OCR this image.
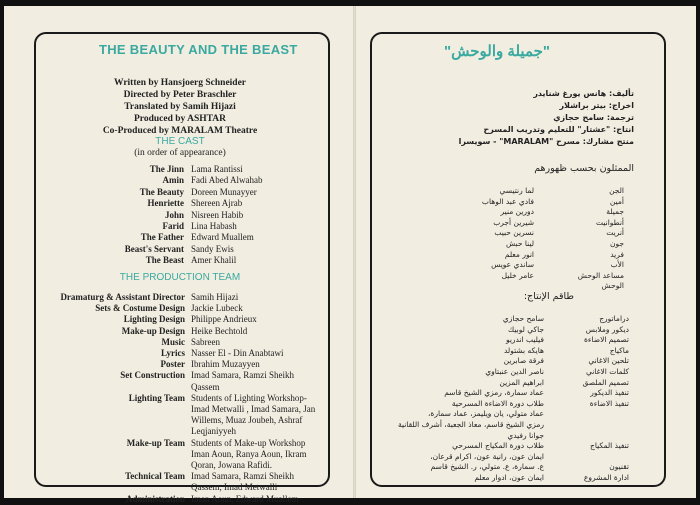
THE BEAUTY AND THE BEAST
Written by Hansjoerg Schneider
Directed by Peter Braschler
Translated by Samih Hijazi
Produced by ASHTAR
Co-Produced by MARALAM Theatre
THE CAST
(in order of appearance)
The Jinn Lama Rantissi
Amin Fadi Abed Alwahab
The Beauty Doreen Munayyer
Henriette Shereen Ajrab
John Nisreen Habib
Farid Lina Habash
The Father Edward Muallem
Beast's Servant Sandy Ewis
The Beast Amer Khalil
THE PRODUCTION TEAM
Dramaturg & Assistant Director Samih Hijazi
Sets & Costume Design Jackie Lubeck
Lighting Design Philippe Andrieux
Make-up Design Heike Bechtold
Music Sabreen
Lyrics Nasser El - Din Anabtawi
Poster Ibrahim Muzayyen
Set Construction Imad Samara, Ramzi Sheikh Qassem
Lighting Team Students of Lighting Workshop- Imad Metwalli , Imad Samara, Jan Willems, Muaz Joubeh, Ashraf Leqjaniyyeh
Make-up Team Students of Make-up Workshop Iman Aoun, Ranya Aoun, Ikram Qoran, Jowana Rafidi.
Technical Team Imad Samara, Ramzi Sheikh Qassem, Imad Metwalli
Administration Iman Aoun, Edward Muallem
"جميلة والوحش"
تأليف: هانس يورغ شنايدر
اخراج: بيتر براشلار
ترجمة: سامح حجازي
انتاج: "عشتار" للتعليم وتدريب المسرح
منتج مشارك: مسرح "MARALAM" - سويسرا
الممثلون بحسب ظهورهم
الجن
لما رنتيسي
أمين
فادي عبد الوهاب
جميلة
دورين منير
أنطوانيت
شيرين أجرب
أنريت
نسرين حبيب
جون
لينا حبش
فريد
انور معلم
الأب
ساندي عويس
مساعد الوحش
عامر خليل
الوحش
طاقم الإنتاج:
دراماتورج
سامح حجازي
ديكور وملابس
جاكي لوبيك
تصميم الاضاءة
فيليب اندريو
ماكياج
هايكه بشتولد
تلحين الاغاني
فرقة صابرين
كلمات الاغاني
ناصر الدين عنبتاوي
تصميم الملصق
ابراهيم المزين
تنفيذ الديكور
عماد سمارة، رمزي الشيخ قاسم
تنفيذ الاضاءة
طلاب دورة الاضاءة المسرحية
عماد متولي، يان ويليمز، عماد سمارة،
رمزي الشيخ قاسم، معاذ الجعبة، أشرف اللقانية
جوانا رفيدي
تنفيذ المكياج
طلاب دورة المكياج المسرحي
ايمان عون، رانية عون، اكرام قرعان،
تقنيون
ع. سمارة، ع. متولي، ر. الشيخ قاسم
ادارة المشروع
ايمان عون، ادوار معلم
